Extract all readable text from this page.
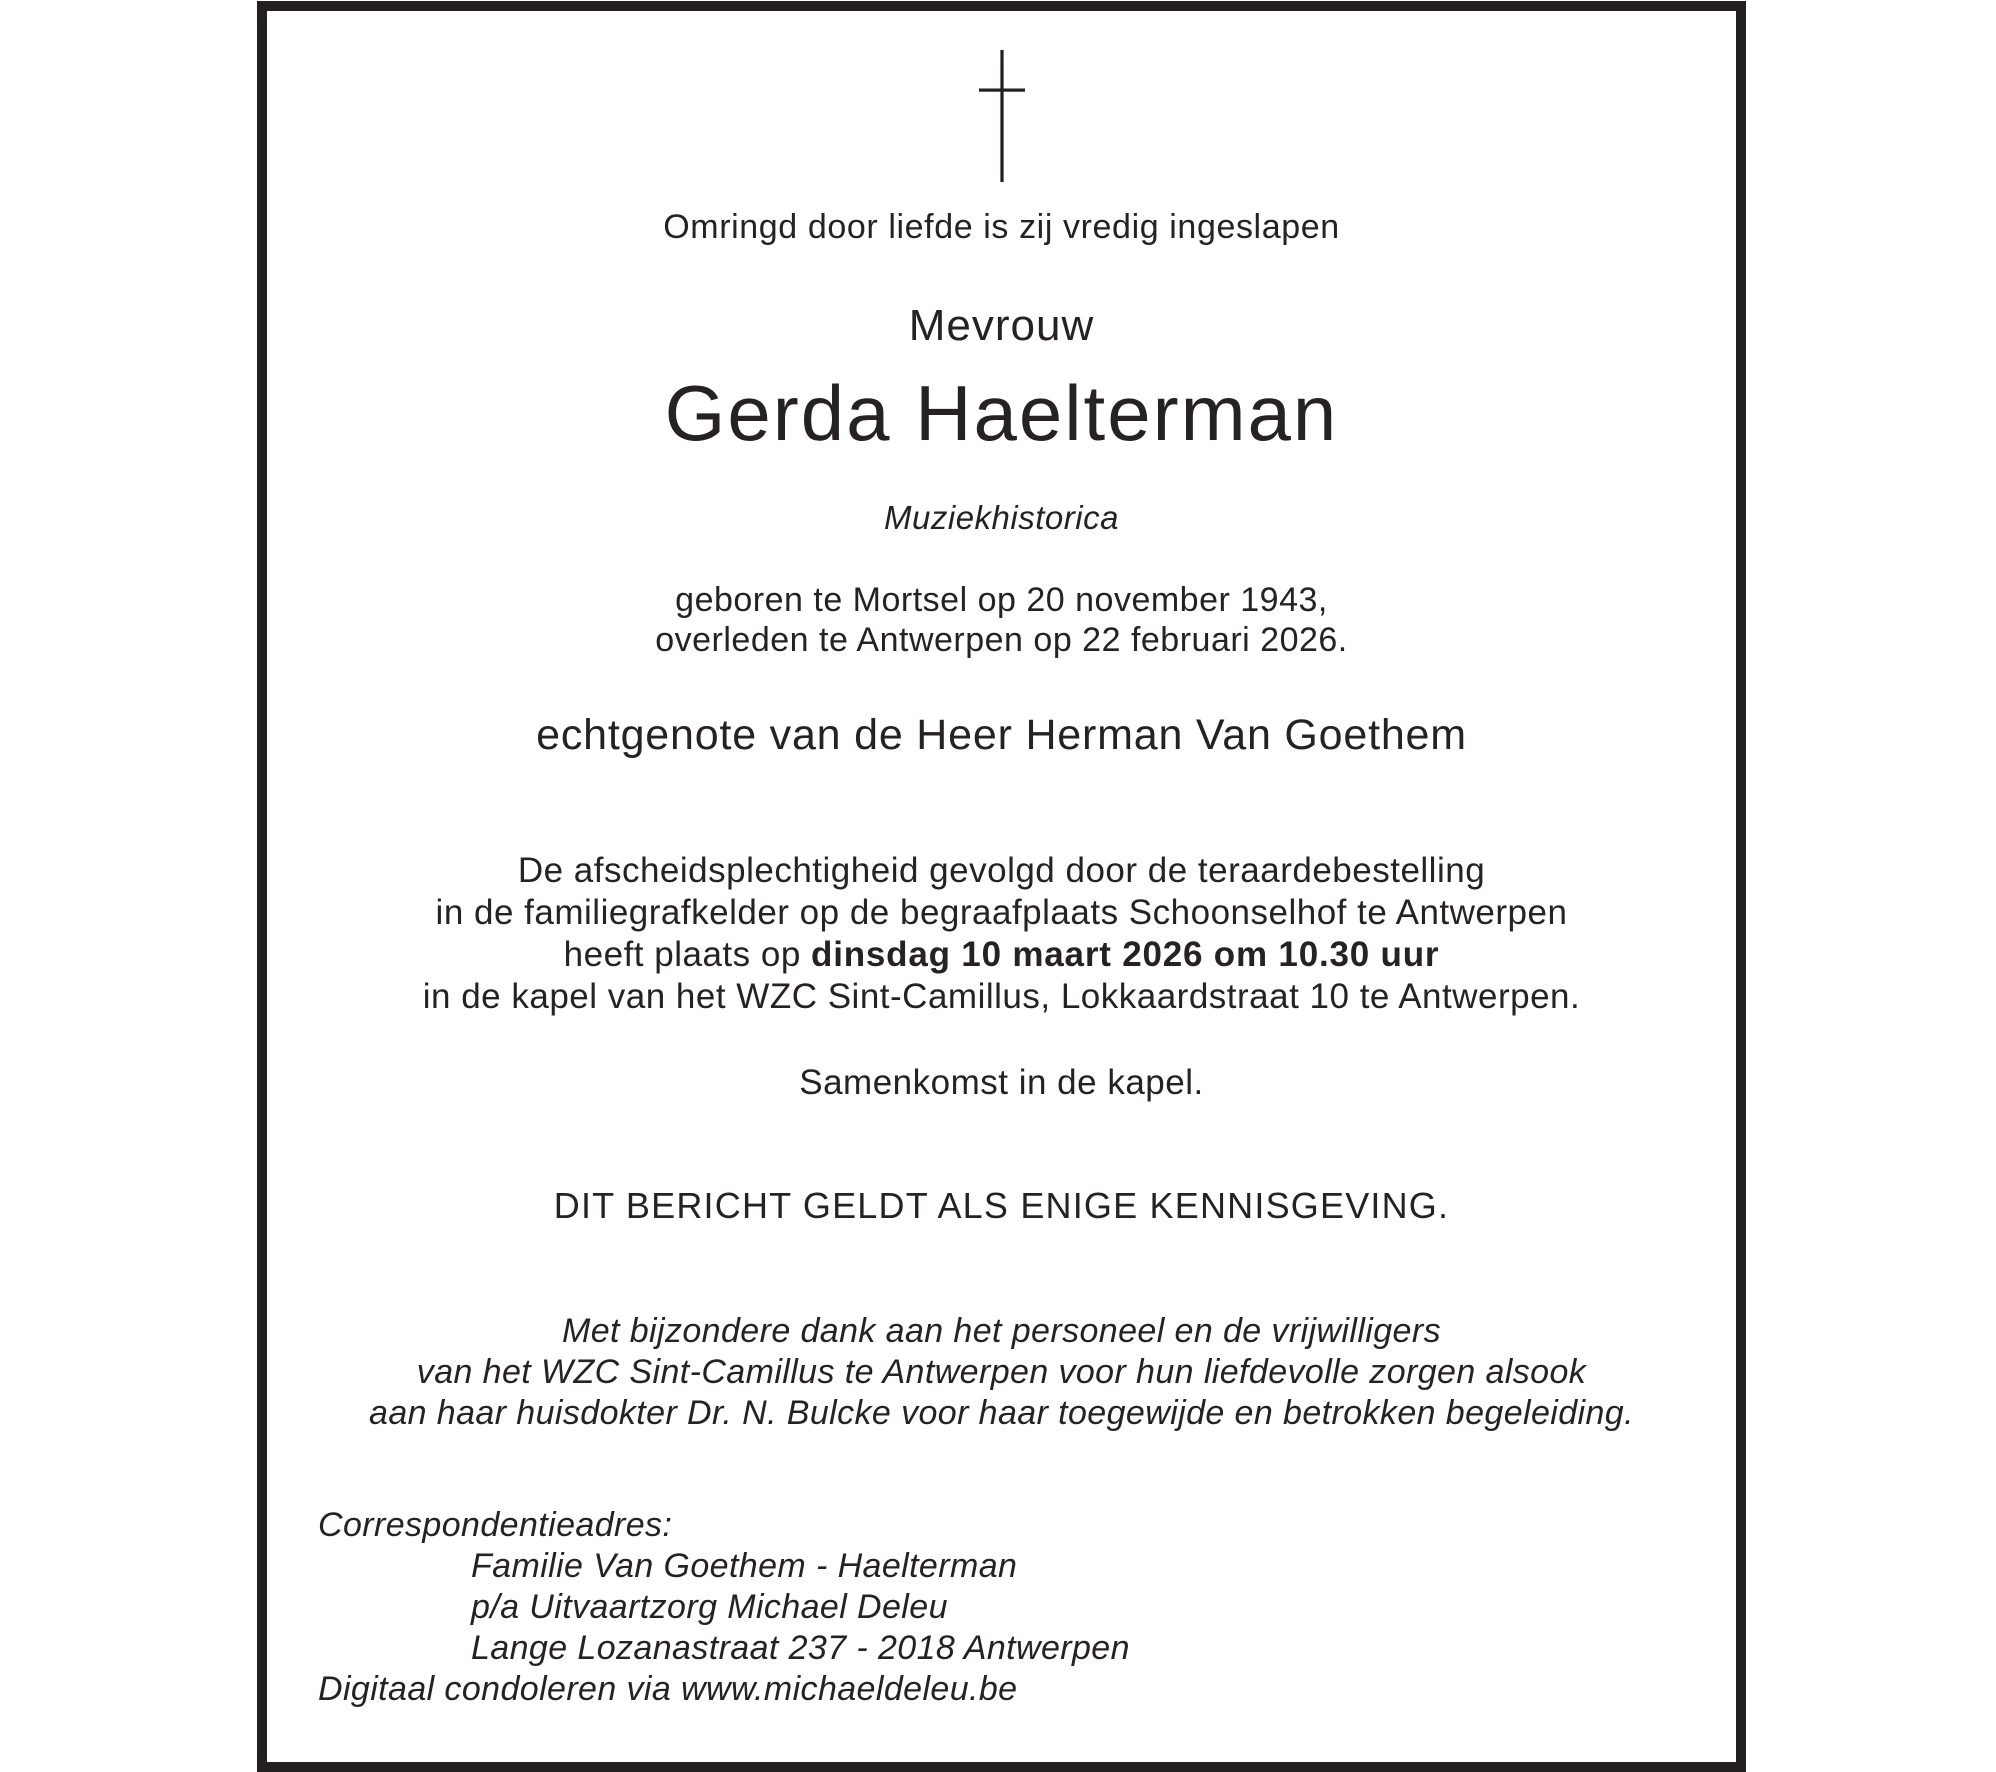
Omringd door liefde is zij vredig ingeslapen
Mevrouw
Gerda Haelterman
Muziekhistorica
geboren te Mortsel op 20 november 1943,
overleden te Antwerpen op 22 februari 2026.
echtgenote van de Heer Herman Van Goethem
De afscheidsplechtigheid gevolgd door de teraardebestelling
in de familiegrafkelder op de begraafplaats Schoonselhof te Antwerpen
heeft plaats op dinsdag 10 maart 2026 om 10.30 uur
in de kapel van het WZC Sint-Camillus, Lokkaardstraat 10 te Antwerpen.
Samenkomst in de kapel.
DIT BERICHT GELDT ALS ENIGE KENNISGEVING.
Met bijzondere dank aan het personeel en de vrijwilligers
van het WZC Sint-Camillus te Antwerpen voor hun liefdevolle zorgen alsook
aan haar huisdokter Dr. N. Bulcke voor haar toegewijde en betrokken begeleiding.
Correspondentieadres:
Familie Van Goethem - Haelterman
p/a Uitvaartzorg Michael Deleu
Lange Lozanastraat 237 - 2018 Antwerpen
Digitaal condoleren via www.michaeldeleu.be
